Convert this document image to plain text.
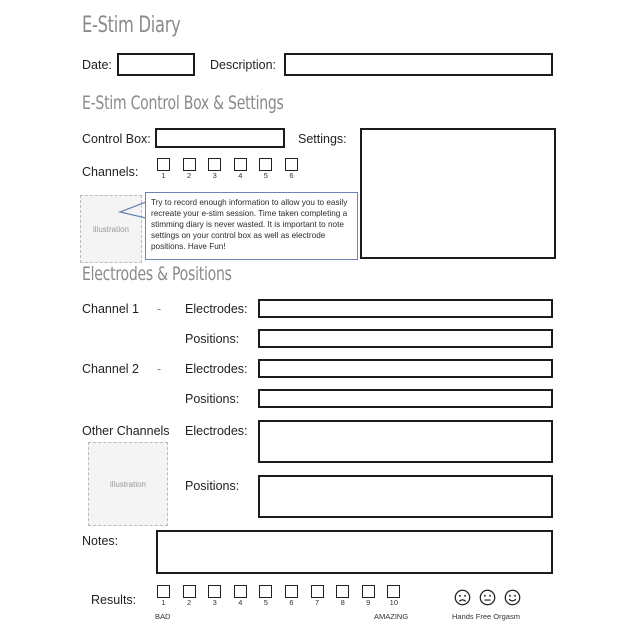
E-Stim Diary
Date:	Description:
E-Stim Control Box & Settings
Control Box:	Settings:
Channels:	1	2	3	4	5	6
illustration
Try to record enough information to allow you to easily recreate your e-stim session. Time taken completing a stimming diary is never wasted. It is important to note settings on your control box as well as electrode positions. Have Fun!
Electrodes & Positions
Channel 1 - Electrodes:
Positions:
Channel 2 - Electrodes:
Positions:
Other Channels Electrodes:
Positions:
illustration
Notes:
Results:	1	2	3	4	5	6	7	8	9	10
BAD	AMAZING	Hands Free Orgasm
